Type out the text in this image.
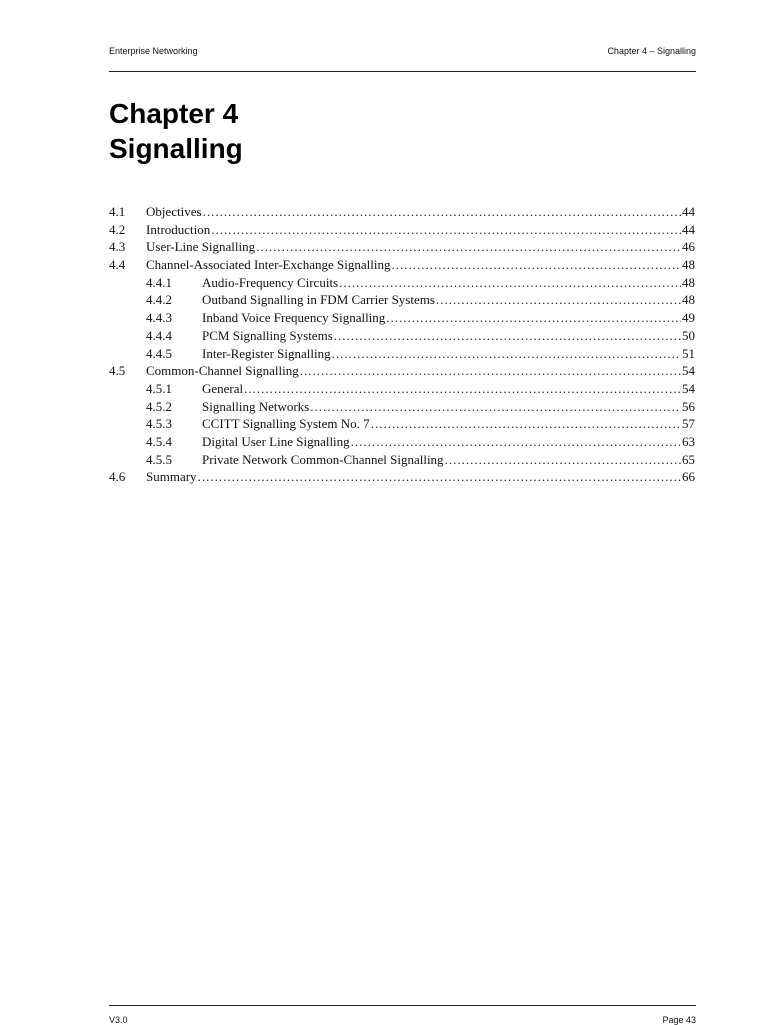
Enterprise Networking	Chapter 4 – Signalling
Chapter 4
Signalling
4.1	Objectives .....	44
4.2	Introduction .....	44
4.3	User-Line Signalling .....	46
4.4	Channel-Associated Inter-Exchange Signalling .....	48
4.4.1	Audio-Frequency Circuits .....	48
4.4.2	Outband Signalling in FDM Carrier Systems .....	48
4.4.3	Inband Voice Frequency Signalling .....	49
4.4.4	PCM Signalling Systems .....	50
4.4.5	Inter-Register Signalling .....	51
4.5	Common-Channel Signalling .....	54
4.5.1	General .....	54
4.5.2	Signalling Networks .....	56
4.5.3	CCITT Signalling System No. 7 .....	57
4.5.4	Digital User Line Signalling .....	63
4.5.5	Private Network Common-Channel Signalling .....	65
4.6	Summary .....	66
V3.0	Page 43
